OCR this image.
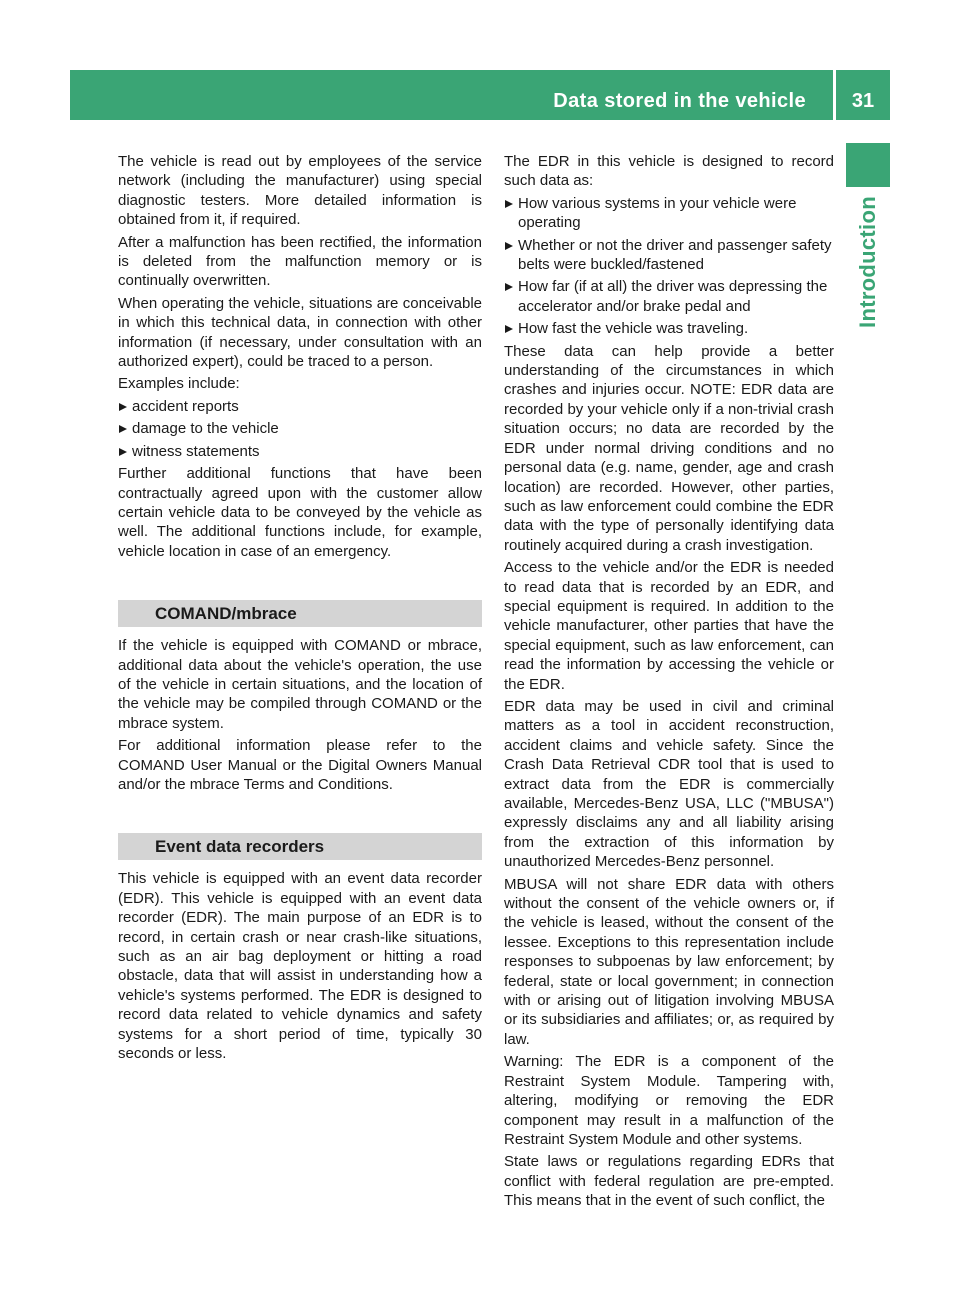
Data stored in the vehicle	31
Introduction

The vehicle is read out by employees of the service network (including the manufacturer) using special diagnostic testers. More detailed information is obtained from it, if required.

After a malfunction has been rectified, the information is deleted from the malfunction memory or is continually overwritten.

When operating the vehicle, situations are conceivable in which this technical data, in connection with other information (if necessary, under consultation with an authorized expert), could be traced to a person.

Examples include:

accident reports
damage to the vehicle
witness statements

Further additional functions that have been contractually agreed upon with the customer allow certain vehicle data to be conveyed by the vehicle as well. The additional functions include, for example, vehicle location in case of an emergency.

COMAND/mbrace

If the vehicle is equipped with COMAND or mbrace, additional data about the vehicle's operation, the use of the vehicle in certain situations, and the location of the vehicle may be compiled through COMAND or the mbrace system.

For additional information please refer to the COMAND User Manual or the Digital Owners Manual and/or the mbrace Terms and Conditions.

Event data recorders

This vehicle is equipped with an event data recorder (EDR). This vehicle is equipped with an event data recorder (EDR). The main purpose of an EDR is to record, in certain crash or near crash-like situations, such as an air bag deployment or hitting a road obstacle, data that will assist in understanding how a vehicle's systems performed. The EDR is designed to record data related to vehicle dynamics and safety systems for a short period of time, typically 30 seconds or less.

The EDR in this vehicle is designed to record such data as:

How various systems in your vehicle were operating
Whether or not the driver and passenger safety belts were buckled/fastened
How far (if at all) the driver was depressing the accelerator and/or brake pedal and
How fast the vehicle was traveling.

These data can help provide a better understanding of the circumstances in which crashes and injuries occur. NOTE: EDR data are recorded by your vehicle only if a non-trivial crash situation occurs; no data are recorded by the EDR under normal driving conditions and no personal data (e.g. name, gender, age and crash location) are recorded. However, other parties, such as law enforcement could combine the EDR data with the type of personally identifying data routinely acquired during a crash investigation.

Access to the vehicle and/or the EDR is needed to read data that is recorded by an EDR, and special equipment is required. In addition to the vehicle manufacturer, other parties that have the special equipment, such as law enforcement, can read the information by accessing the vehicle or the EDR.

EDR data may be used in civil and criminal matters as a tool in accident reconstruction, accident claims and vehicle safety. Since the Crash Data Retrieval CDR tool that is used to extract data from the EDR is commercially available, Mercedes-Benz USA, LLC ("MBUSA") expressly disclaims any and all liability arising from the extraction of this information by unauthorized Mercedes-Benz personnel.

MBUSA will not share EDR data with others without the consent of the vehicle owners or, if the vehicle is leased, without the consent of the lessee. Exceptions to this representation include responses to subpoenas by law enforcement; by federal, state or local government; in connection with or arising out of litigation involving MBUSA or its subsidiaries and affiliates; or, as required by law.

Warning: The EDR is a component of the Restraint System Module. Tampering with, altering, modifying or removing the EDR component may result in a malfunction of the Restraint System Module and other systems.

State laws or regulations regarding EDRs that conflict with federal regulation are pre-empted. This means that in the event of such conflict, the
